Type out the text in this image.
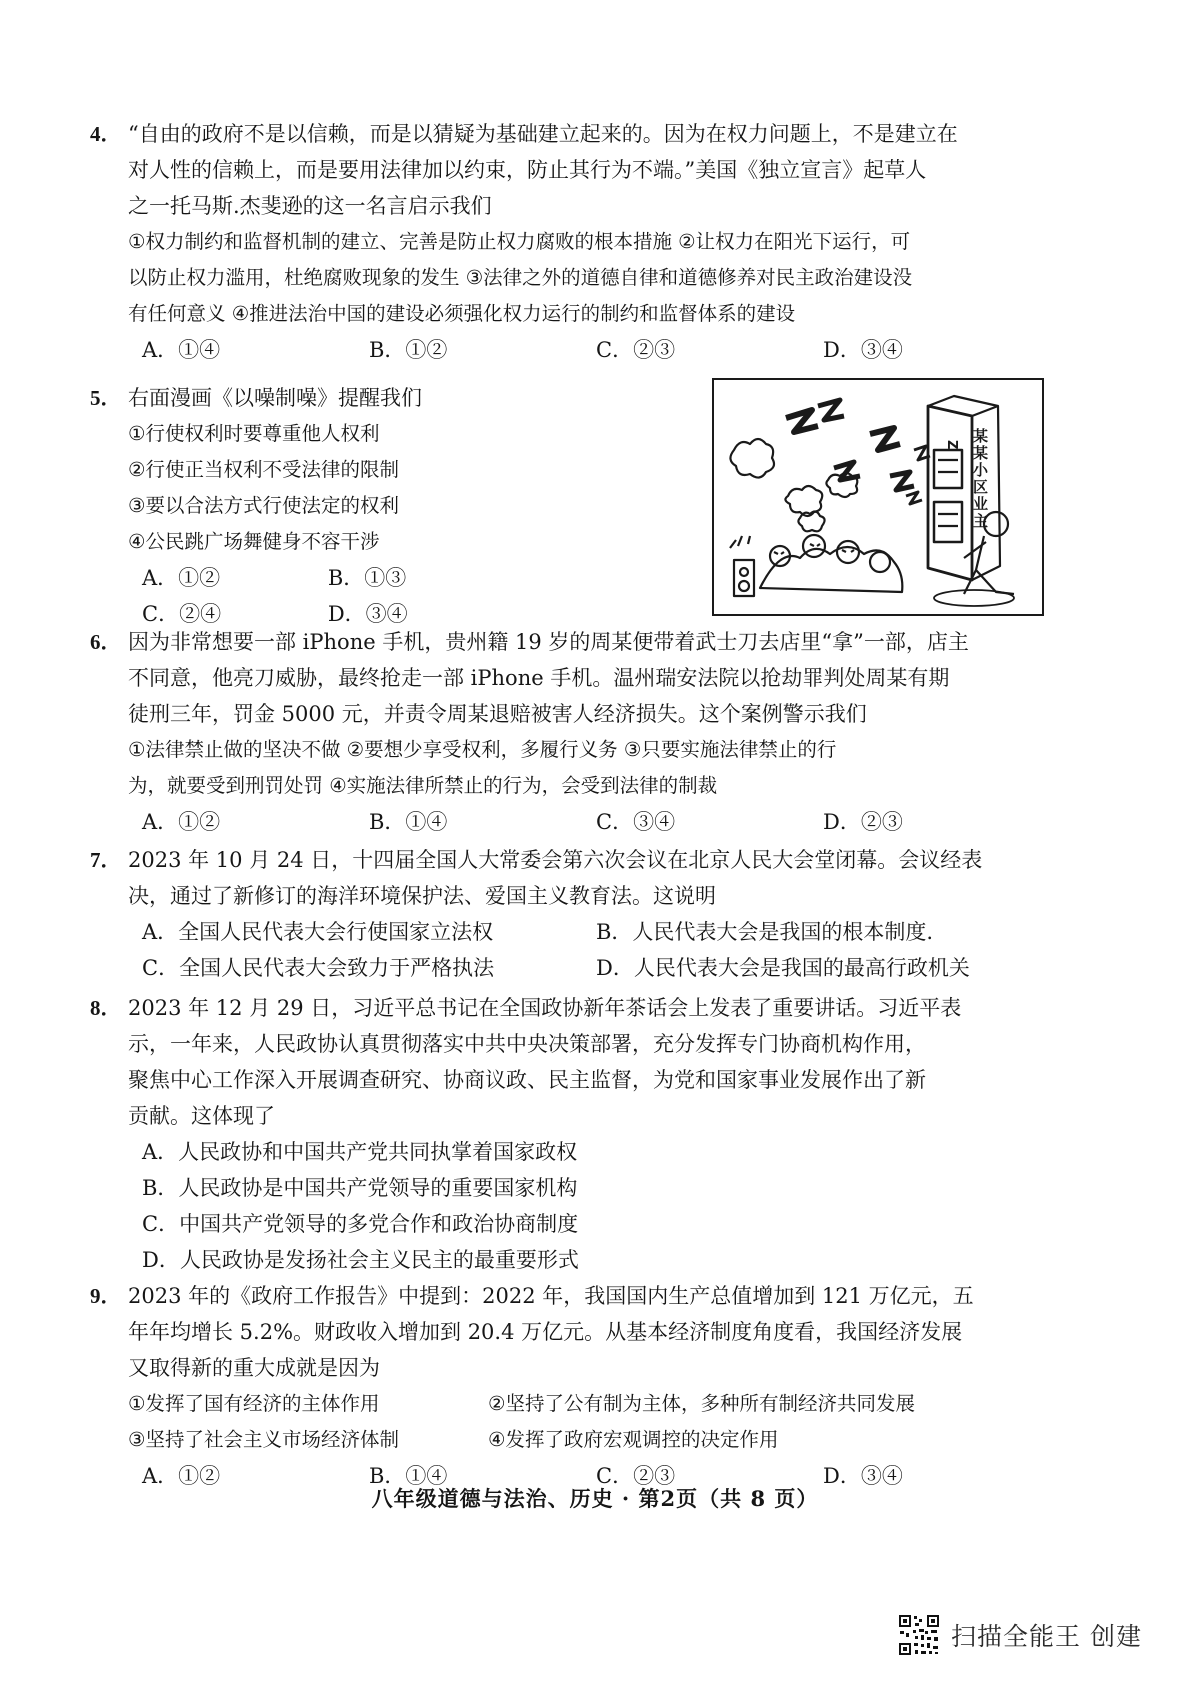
4． “自由的政府不是以信赖，而是以猜疑为基础建立起来的。因为在权力问题上，不是建立在
对人性的信赖上，而是要用法律加以约束，防止其行为不端。”美国《独立宣言》起草人
之一托马斯.杰斐逊的这一名言启示我们
①权力制约和监督机制的建立、完善是防止权力腐败的根本措施 ②让权力在阳光下运行，可
以防止权力滥用，杜绝腐败现象的发生 ③法律之外的道德自律和道德修养对民主政治建设没
有任何意义 ④推进法治中国的建设必须强化权力运行的制约和监督体系的建设
A．①④	B．①②	C．②③	D．③④
5． 右面漫画《以噪制噪》提醒我们
①行使权利时要尊重他人权利
②行使正当权利不受法律的限制
③要以合法方式行使法定的权利
④公民跳广场舞健身不容干涉
A．①②	B．①③
C．②④	D．③④
Z 某某小区业主
6． 因为非常想要一部 iPhone 手机，贵州籍 19 岁的周某便带着武士刀去店里“拿”一部，店主
不同意，他亮刀威胁，最终抢走一部 iPhone 手机。温州瑞安法院以抢劫罪判处周某有期
徒刑三年，罚金 5000 元，并责令周某退赔被害人经济损失。这个案例警示我们
①法律禁止做的坚决不做 ②要想少享受权利，多履行义务 ③只要实施法律禁止的行
为，就要受到刑罚处罚 ④实施法律所禁止的行为，会受到法律的制裁
A．①②	B．①④	C．③④	D．②③
7． 2023 年 10 月 24 日，十四届全国人大常委会第六次会议在北京人民大会堂闭幕。会议经表
决，通过了新修订的海洋环境保护法、爱国主义教育法。这说明
A．全国人民代表大会行使国家立法权	B．人民代表大会是我国的根本制度.
C．全国人民代表大会致力于严格执法	D．人民代表大会是我国的最高行政机关
8． 2023 年 12 月 29 日，习近平总书记在全国政协新年茶话会上发表了重要讲话。习近平表
示，一年来，人民政协认真贯彻落实中共中央决策部署，充分发挥专门协商机构作用，
聚焦中心工作深入开展调查研究、协商议政、民主监督，为党和国家事业发展作出了新
贡献。这体现了
A．人民政协和中国共产党共同执掌着国家政权
B．人民政协是中国共产党领导的重要国家机构
C．中国共产党领导的多党合作和政治协商制度
D．人民政协是发扬社会主义民主的最重要形式
9． 2023 年的《政府工作报告》中提到：2022 年，我国国内生产总值增加到 121 万亿元，五
年年均增长 5.2%。财政收入增加到 20.4 万亿元。从基本经济制度角度看，我国经济发展
又取得新的重大成就是因为
①发挥了国有经济的主体作用	②坚持了公有制为主体，多种所有制经济共同发展
③坚持了社会主义市场经济体制	④发挥了政府宏观调控的决定作用
A．①②	B．①④	C．②③	D．③④
八年级道德与法治、历史 · 第2页（共 8 页）
扫描全能王 创建
